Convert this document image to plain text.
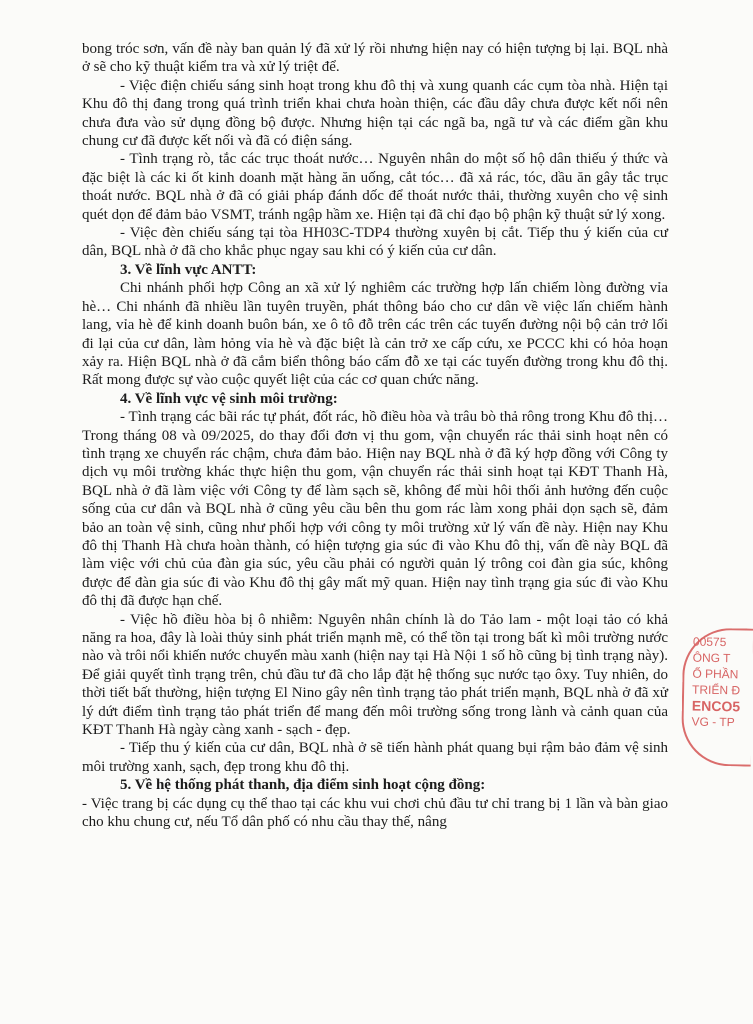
bong tróc sơn, vấn đề này ban quản lý đã xử lý rồi nhưng hiện nay có hiện tượng bị lại. BQL nhà ở sẽ cho kỹ thuật kiểm tra và xử lý triệt để.

- Việc điện chiếu sáng sinh hoạt trong khu đô thị và xung quanh các cụm tòa nhà. Hiện tại Khu đô thị đang trong quá trình triển khai chưa hoàn thiện, các đầu dây chưa được kết nối nên chưa đưa vào sử dụng đồng bộ được. Nhưng hiện tại các ngã ba, ngã tư và các điểm gần khu chung cư đã được kết nối và đã có điện sáng.

- Tình trạng rò, tắc các trục thoát nước… Nguyên nhân do một số hộ dân thiếu ý thức và đặc biệt là các ki ốt kinh doanh mặt hàng ăn uống, cắt tóc… đã xả rác, tóc, dầu ăn gây tắc trục thoát nước. BQL nhà ở đã có giải pháp đánh dốc để thoát nước thải, thường xuyên cho vệ sinh quét dọn để đảm bảo VSMT, tránh ngập hầm xe. Hiện tại đã chỉ đạo bộ phận kỹ thuật sử lý xong.

- Việc đèn chiếu sáng tại tòa HH03C-TDP4 thường xuyên bị cắt. Tiếp thu ý kiến của cư dân, BQL nhà ở đã cho khắc phục ngay sau khi có ý kiến của cư dân.

3. Về lĩnh vực ANTT:

Chi nhánh phối hợp Công an xã xử lý nghiêm các trường hợp lấn chiếm lòng đường vỉa hè… Chi nhánh đã nhiều lần tuyên truyền, phát thông báo cho cư dân về việc lấn chiếm hành lang, vỉa hè để kinh doanh buôn bán, xe ô tô đỗ trên các trên các tuyến đường nội bộ cản trở lối đi lại của cư dân, làm hỏng vỉa hè và đặc biệt là cản trở xe cấp cứu, xe PCCC khi có hỏa hoạn xảy ra. Hiện BQL nhà ở đã cắm biển thông báo cấm đỗ xe tại các tuyến đường trong khu đô thị. Rất mong được sự vào cuộc quyết liệt của các cơ quan chức năng.

4. Về lĩnh vực vệ sinh môi trường:

- Tình trạng các bãi rác tự phát, đốt rác, hồ điều hòa và trâu bò thả rông trong Khu đô thị… Trong tháng 08 và 09/2025, do thay đổi đơn vị thu gom, vận chuyển rác thải sinh hoạt nên có tình trạng xe chuyển rác chậm, chưa đảm bảo. Hiện nay BQL nhà ở đã ký hợp đồng với Công ty dịch vụ môi trường khác thực hiện thu gom, vận chuyển rác thải sinh hoạt tại KĐT Thanh Hà, BQL nhà ở đã làm việc với Công ty để làm sạch sẽ, không để mùi hôi thối ảnh hưởng đến cuộc sống của cư dân và BQL nhà ở cũng yêu cầu bên thu gom rác làm xong phải dọn sạch sẽ, đảm bảo an toàn vệ sinh, cũng như phối hợp với công ty môi trường xử lý vấn đề này. Hiện nay Khu đô thị Thanh Hà chưa hoàn thành, có hiện tượng gia súc đi vào Khu đô thị, vấn đề này BQL đã làm việc với chủ của đàn gia súc, yêu cầu phải có người quản lý trông coi đàn gia súc, không được để đàn gia súc đi vào Khu đô thị gây mất mỹ quan. Hiện nay tình trạng gia súc đi vào Khu đô thị đã được hạn chế.

- Việc hồ điều hòa bị ô nhiễm: Nguyên nhân chính là do Tảo lam - một loại tảo có khả năng ra hoa, đây là loài thủy sinh phát triển mạnh mẽ, có thể tồn tại trong bất kì môi trường nước nào và trôi nổi khiến nước chuyển màu xanh (hiện nay tại Hà Nội 1 số hồ cũng bị tình trạng này). Để giải quyết tình trạng trên, chủ đầu tư đã cho lắp đặt hệ thống sục nước tạo ôxy. Tuy nhiên, do thời tiết bất thường, hiện tượng El Nino gây nên tình trạng tảo phát triển mạnh, BQL nhà ở đã xử lý dứt điểm tình trạng tảo phát triển để mang đến môi trường sống trong lành và cảnh quan của KĐT Thanh Hà ngày càng xanh - sạch - đẹp.

- Tiếp thu ý kiến của cư dân, BQL nhà ở sẽ tiến hành phát quang bụi rậm bảo đảm vệ sinh môi trường xanh, sạch, đẹp trong khu đô thị.

5. Về hệ thống phát thanh, địa điểm sinh hoạt cộng đồng:

- Việc trang bị các dụng cụ thể thao tại các khu vui chơi chủ đầu tư chỉ trang bị 1 lần và bàn giao cho khu chung cư, nếu Tổ dân phố có nhu cầu thay thế, nâng

00575
ÔNG T
Ổ PHẦN
TRIỂN Đ
ENCO5
VG - TP
